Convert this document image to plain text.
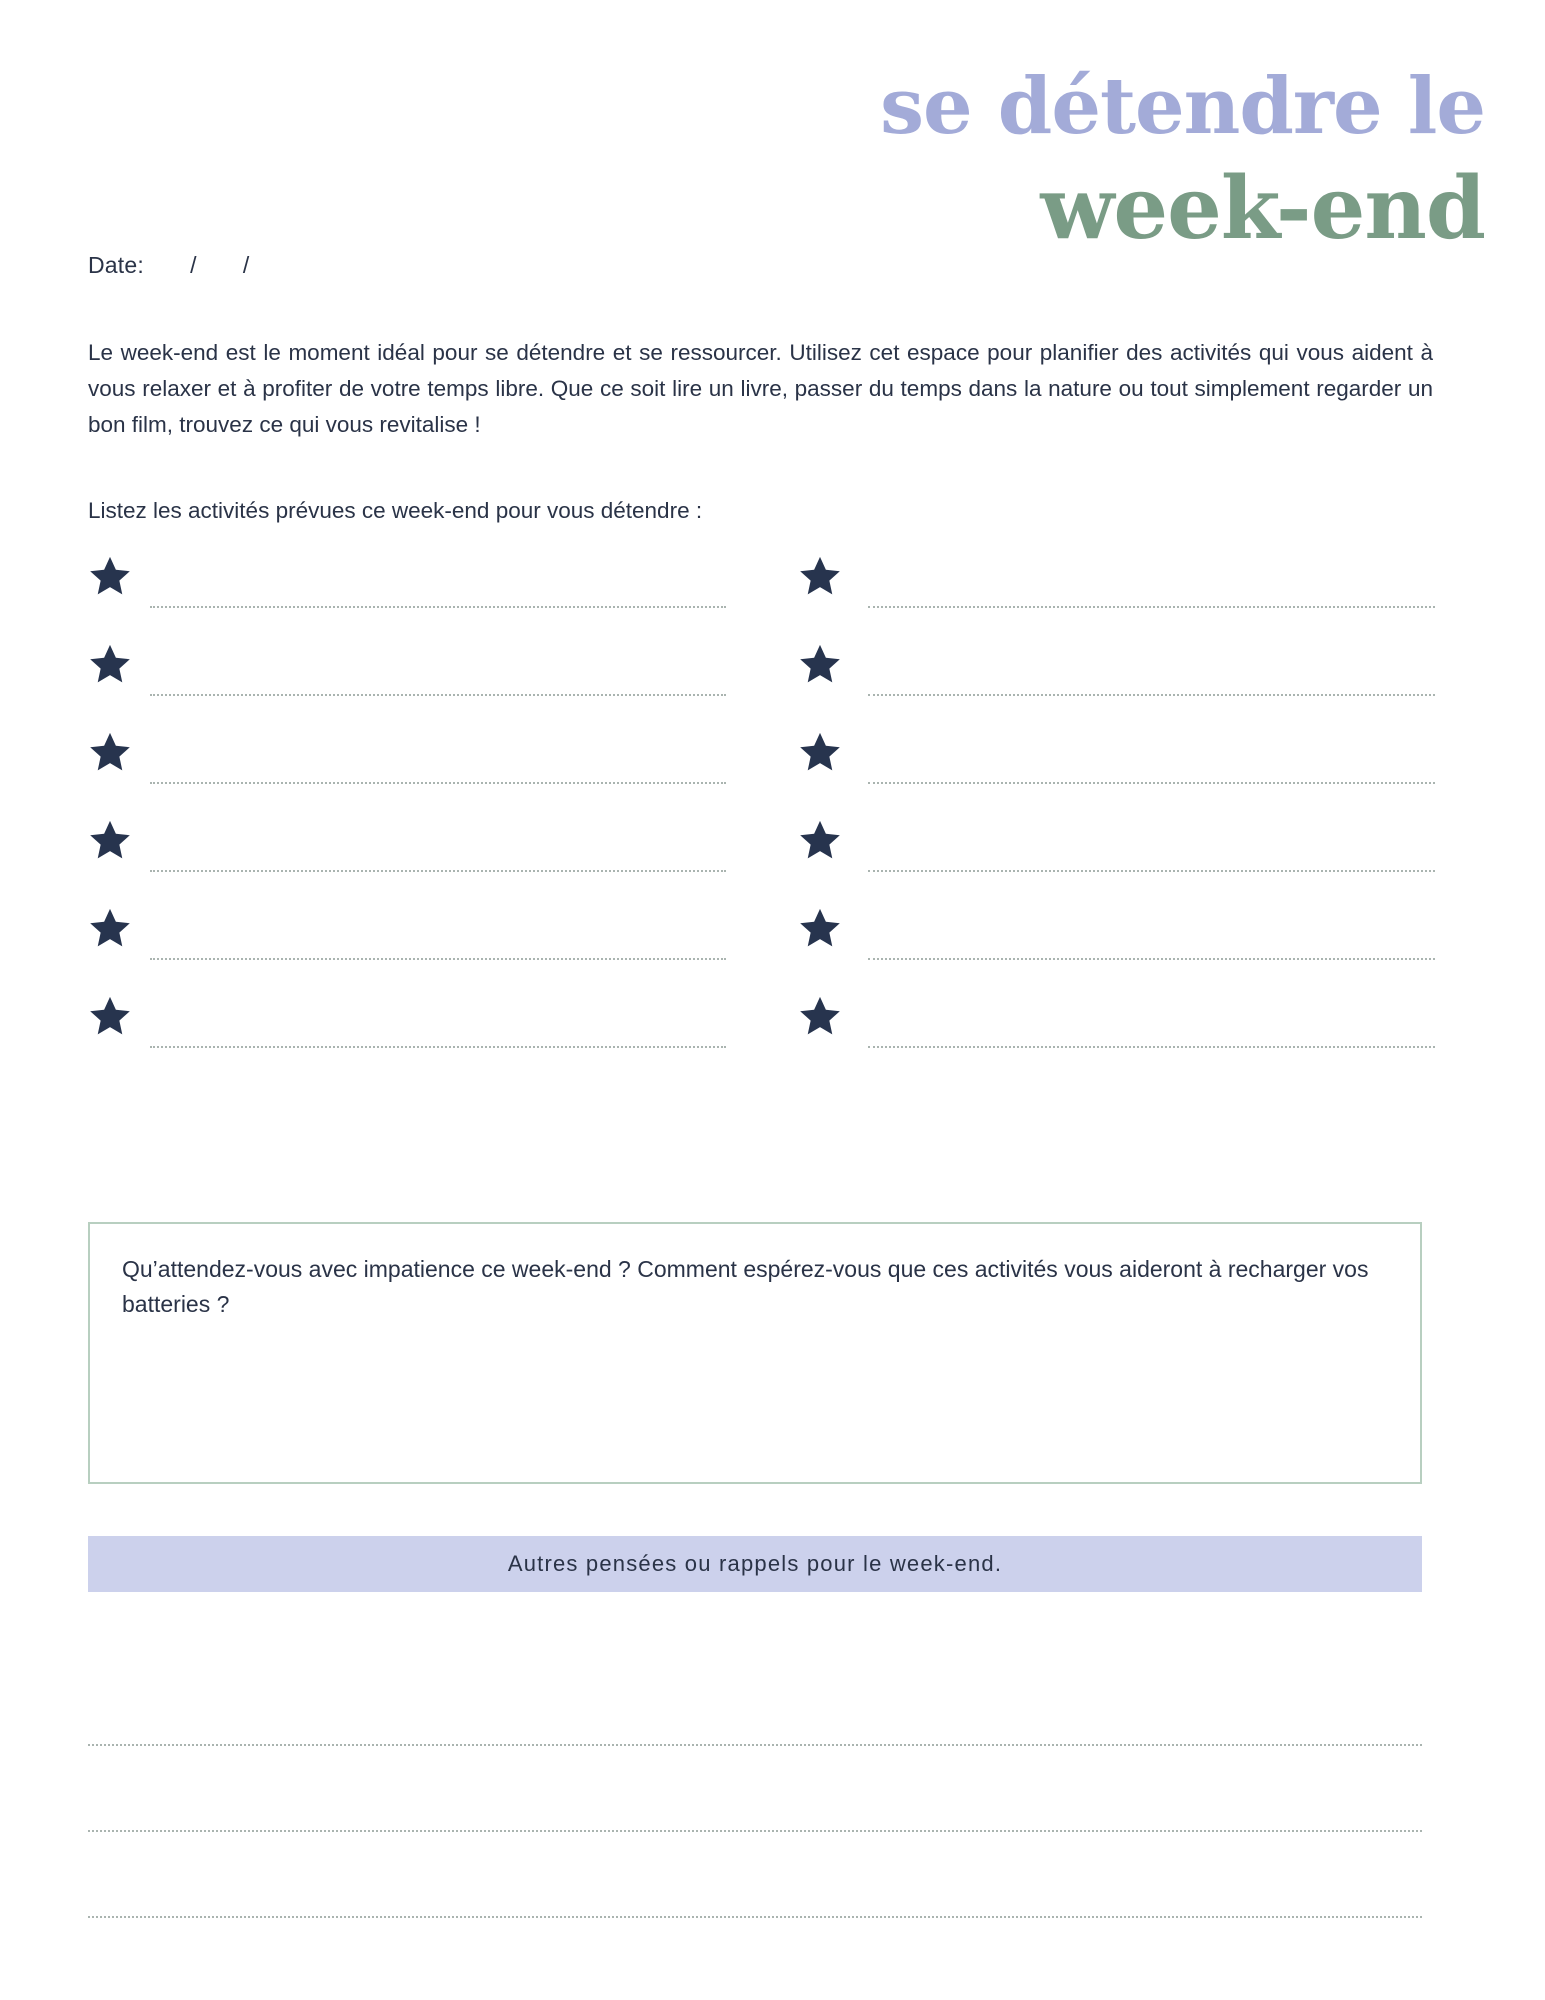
se détendre le
week-end
Date:       /       /

Le week-end est le moment idéal pour se détendre et se ressourcer. Utilisez cet espace pour planifier des activités qui vous aident à vous relaxer et à profiter de votre temps libre. Que ce soit lire un livre, passer du temps dans la nature ou tout simplement regarder un bon film, trouvez ce qui vous revitalise !

Listez les activités prévues ce week-end pour vous détendre :
Qu’attendez-vous avec impatience ce week-end ? Comment espérez-vous que ces activités vous aideront à recharger vos batteries ?
Autres pensées ou rappels pour le week-end.
